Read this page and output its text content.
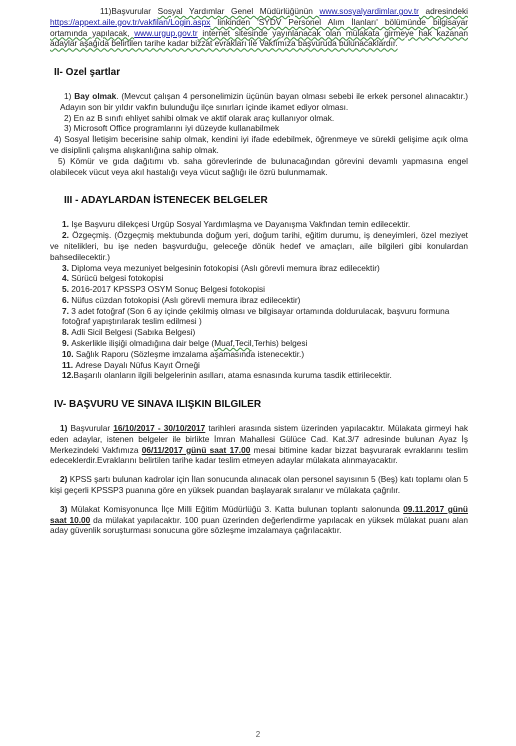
11)Başvurular Sosyal Yardımlar Genel Müdürlüğünün www.sosyalyardimlar.gov.tr adresindeki https://appext.aile.gov.tr/vakfilan/Login.aspx linkinden 'SYDV Personel Alım İlanları' bölümünde bilgisayar ortamında yapılacak, www.urgup.gov.tr internet sitesinde yayınlanacak olan mülakata girmeye hak kazanan adaylar aşağıda belirtilen tarihe kadar bizzat evrakları ile Vakfımıza başvuruda bulunacaklardır.

II- Ozel şartlar
1) Bay olmak. (Mevcut çalışan 4 personelimizin üçünün bayan olması sebebi ile erkek personel alınacaktır.) Adayın son bir yıldır vakfın bulunduğu ilçe sınırları içinde ikamet ediyor olması.
2) En az B sınıfı ehliyet sahibi olmak ve aktif olarak araç kullanıyor olmak.
3) Microsoft Office programlarını iyi düzeyde kullanabilmek
4) Sosyal İletişim becerisine sahip olmak, kendini iyi ifade edebilmek, öğrenmeye ve sürekli gelişime açık olma ve disiplinli çalışma alışkanlığına sahip olmak.
5) Kömür ve gıda dağıtımı vb. saha görevlerinde de bulunacağından görevini devamlı yapmasına engel olabilecek vücut veya akıl hastalığı veya vücut sağlığı ile özrü bulunmamak.
III - ADAYLARDAN İSTENECEK BELGELER
1. Işe Başvuru dilekçesi Urgüp Sosyal Yardımlaşma ve Dayanışma Vakfından temin edilecektir.
2. Özgeçmiş. (Özgeçmiş mektubunda doğum yeri, doğum tarihi, eğitim durumu, iş deneyimleri, özel meziyet ve nitelikleri, bu işe neden başvurduğu, geleceğe dönük hedef ve amaçları, aile bilgileri gibi konulardan bahsedilecektir.)
3. Diploma veya mezuniyet belgesinin fotokopisi (Aslı görevli memura ibraz edilecektir)
4. Sürücü belgesi fotokopisi
5. 2016-2017 KPSSP3 OSYM Sonuç Belgesi fotokopisi
6. Nüfus cüzdan fotokopisi (Aslı görevli memura ibraz edilecektir)
7. 3 adet fotoğraf (Son 6 ay içinde çekilmiş olması ve bilgisayar ortamında doldurulacak, başvuru formuna fotoğraf yapıştırılarak teslim edilmesi )
8. Adli Sicil Belgesi (Sabıka Belgesi)
9. Askerlikle ilişiği olmadığına dair belge (Muaf,Tecil,Terhis) belgesi
10. Sağlık Raporu (Sözleşme imzalama aşamasında istenecektir.)
11. Adrese Dayalı Nüfus Kayıt Örneği
12.Başarılı olanların ilgili belgelerinin asılları, atama esnasında kuruma tasdik ettirilecektir.
IV- BAŞVURU VE SINAVA ILIŞKIN BILGILER

1) Başvurular 16/10/2017 - 30/10/2017 tarihleri arasında sistem üzerinden yapılacaktır. Mülakata girmeyi hak eden adaylar, istenen belgeler ile birlikte İmran Mahallesi Gülüce Cad. Kat.3/7 adresinde bulunan Ayaz İş Merkezindeki Vakfımıza 06/11/2017 günü saat 17.00 mesai bitimine kadar bizzat başvurarak evraklarını teslim edeceklerdir.Evraklarını belirtilen tarihe kadar teslim etmeyen adaylar mülakata alınmayacaktır.

2) KPSS şartı bulunan kadrolar için İlan sonucunda alınacak olan personel sayısının 5 (Beş) katı toplamı olan 5 kişi geçerli KPSSP3 puanına göre en yüksek puandan başlayarak sıralanır ve mülakata çağrılır.

3) Mülakat Komisyonunca İlçe Milli Eğitim Müdürlüğü 3. Katta bulunan toplantı salonunda 09.11.2017 günü saat 10.00 da mülakat yapılacaktır. 100 puan üzerinden değerlendirme yapılacak en yüksek mülakat puanı alan aday güvenlik soruşturması sonucuna göre sözleşme imzalamaya çağrılacaktır.

2
